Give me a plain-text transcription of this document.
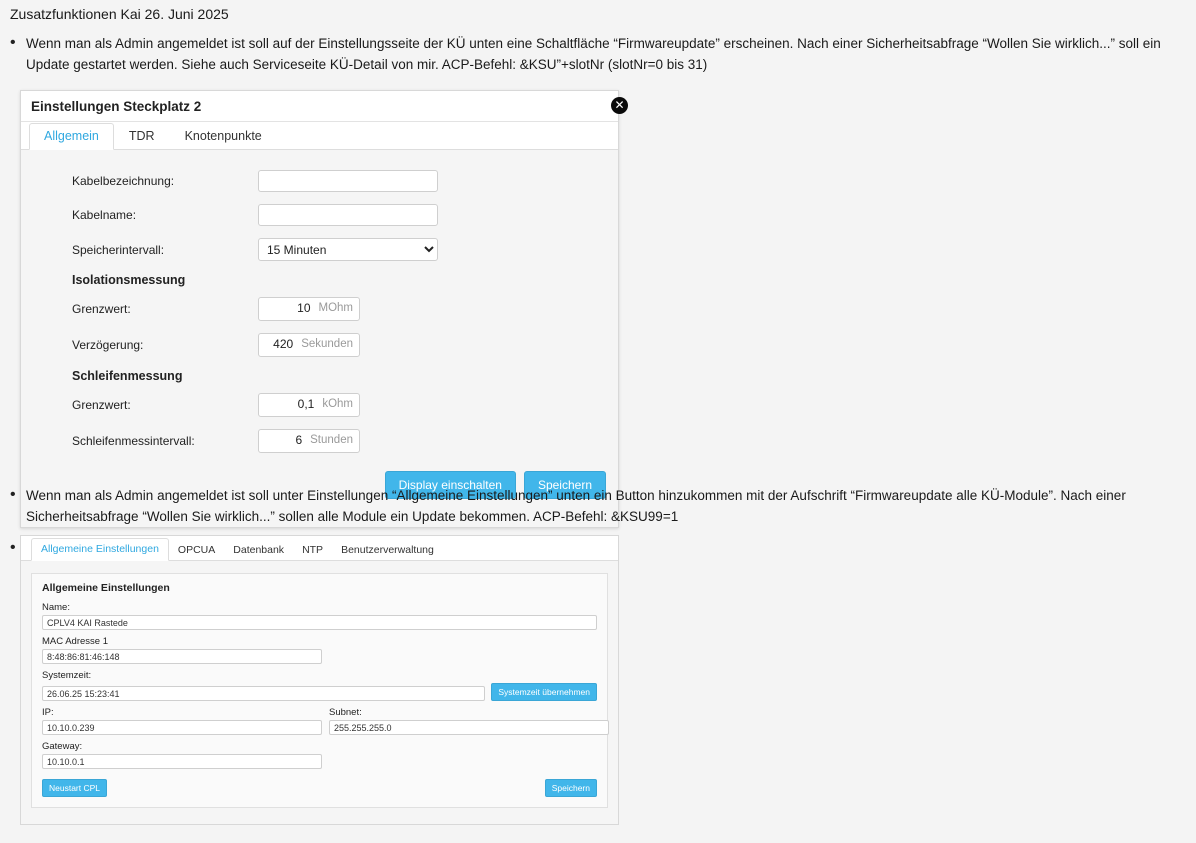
Zusatzfunktionen Kai 26. Juni 2025
• Wenn man als Admin angemeldet ist soll auf der Einstellungsseite der KÜ unten eine Schaltfläche “Firmwareupdate” erscheinen. Nach einer Sicherheitsabfrage “Wollen Sie wirklich...” soll ein Update gestartet werden. Siehe auch Serviceseite KÜ-Detail von mir. ACP-Befehl: &KSU”+slotNr (slotNr=0 bis 31)
Einstellungen Steckplatz 2	✕
Allgemein	TDR	Knotenpunkte
Kabelbezeichnung:
Kabelname:
Speicherintervall:
15 Minuten
Isolationsmessung
Grenzwert:	10 MOhm
Verzögerung:	420 Sekunden
Schleifenmessung
Grenzwert:	0,1 kOhm
Schleifenmessintervall:	6 Stunden
Display einschalten	Speichern
• Wenn man als Admin angemeldet ist soll unter Einstellungen “Allgemeine Einstellungen” unten ein Button hinzukommen mit der Aufschrift “Firmwareupdate alle KÜ-Module”. Nach einer Sicherheitsabfrage “Wollen Sie wirklich...” sollen alle Module ein Update bekommen. ACP-Befehl: &KSU99=1
•	Allgemeine Einstellungen	OPCUA	Datenbank	NTP	Benutzerverwaltung
Allgemeine Einstellungen
Name:
CPLV4 KAI Rastede
MAC Adresse 1
8:48:86:81:46:148
Systemzeit:
26.06.25 15:23:41	Systemzeit übernehmen
IP:
10.10.0.239
Subnet:
255.255.255.0
Gateway:
10.10.0.1
Neustart CPL	Speichern
